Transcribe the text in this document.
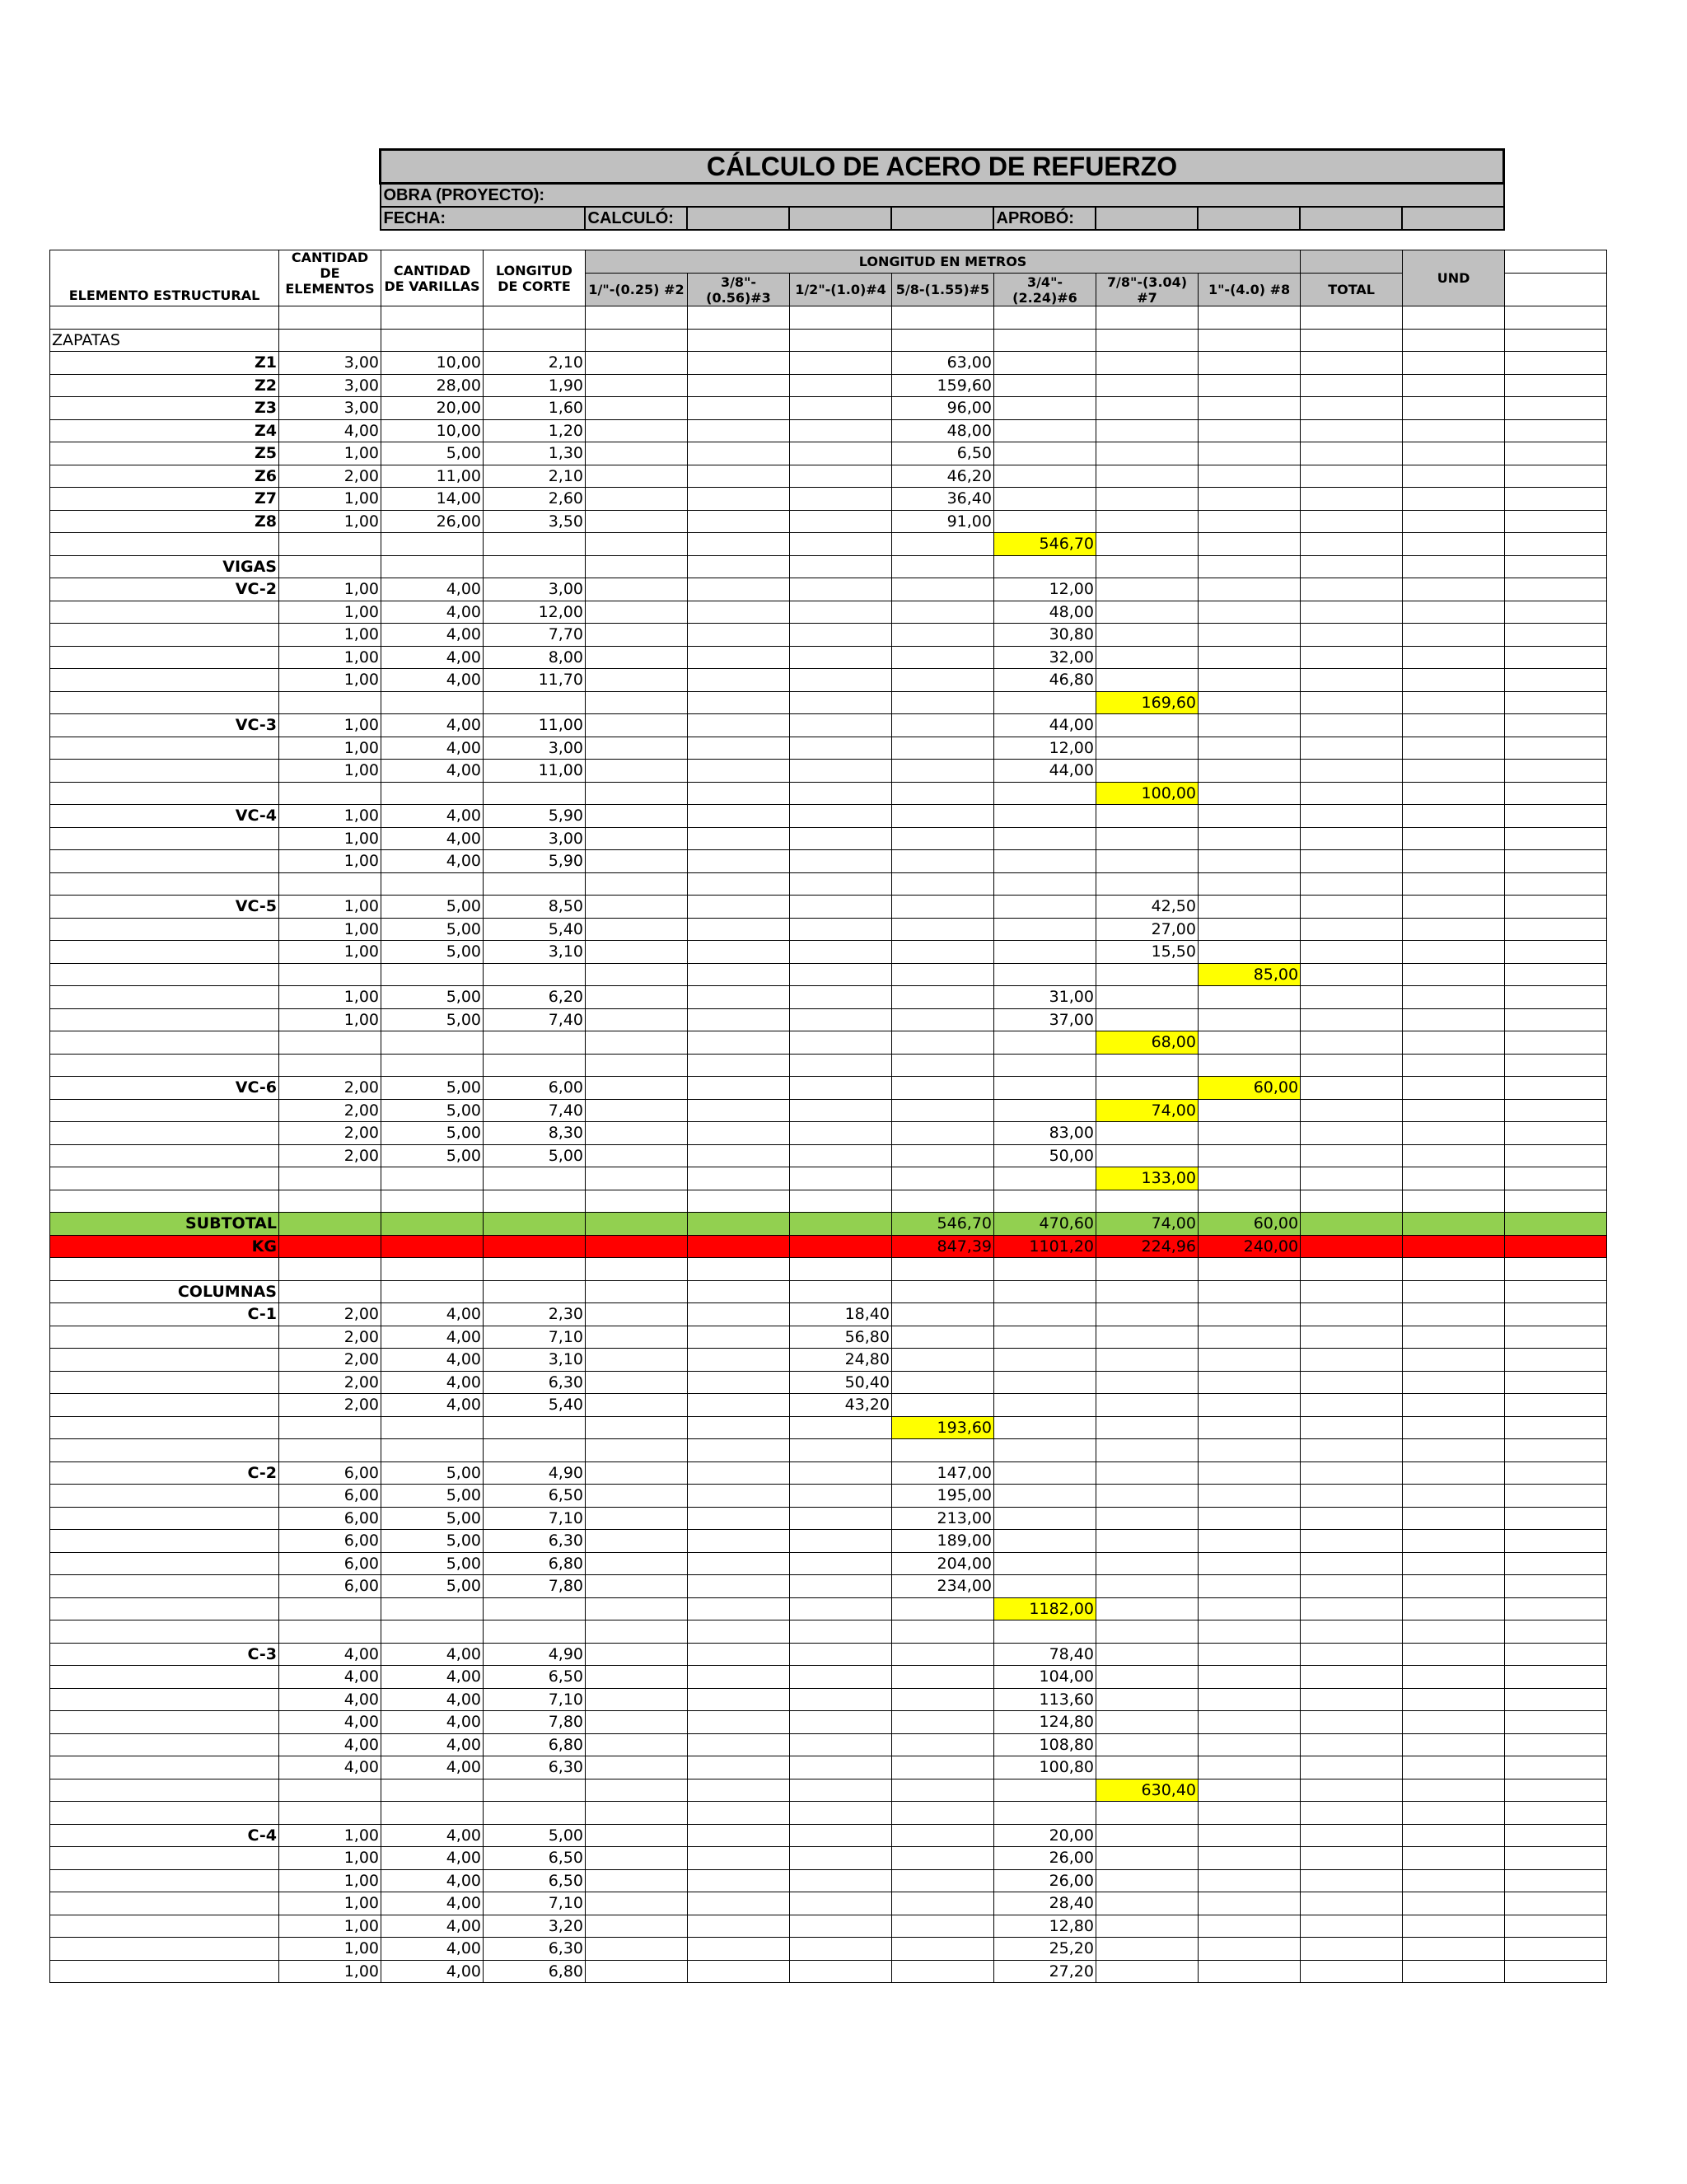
CÁLCULO DE ACERO DE REFUERZO
OBRA (PROYECTO):
FECHA:	CALCULÓ:				APROBÓ:				
ELEMENTO ESTRUCTURAL	CANTIDAD DE ELEMENTOS	CANTIDAD DE VARILLAS	LONGITUD DE CORTE	LONGITUD EN METROS								UND	
				1/"-(0.25) #2	3/8"-(0.56)#3	1/2"-(1.0)#4	5/8-(1.55)#5	3/4"-(2.24)#6	7/8"-(3.04) #7	1"-(4.0) #8	TOTAL		

ZAPATAS													
Z1	3,00	10,00	2,10				63,00						
Z2	3,00	28,00	1,90				159,60						
Z3	3,00	20,00	1,60				96,00						
Z4	4,00	10,00	1,20				48,00						
Z5	1,00	5,00	1,30				6,50						
Z6	2,00	11,00	2,10				46,20						
Z7	1,00	14,00	2,60				36,40						
Z8	1,00	26,00	3,50				91,00						
								546,70					
VIGAS													
VC-2	1,00	4,00	3,00					12,00					
	1,00	4,00	12,00					48,00					
	1,00	4,00	7,70					30,80					
	1,00	4,00	8,00					32,00					
	1,00	4,00	11,70					46,80					
									169,60				
VC-3	1,00	4,00	11,00					44,00					
	1,00	4,00	3,00					12,00					
	1,00	4,00	11,00					44,00					
									100,00				
VC-4	1,00	4,00	5,90										
	1,00	4,00	3,00										
	1,00	4,00	5,90										

VC-5	1,00	5,00	8,50						42,50				
	1,00	5,00	5,40						27,00				
	1,00	5,00	3,10						15,50				
										85,00			
	1,00	5,00	6,20					31,00					
	1,00	5,00	7,40					37,00					
									68,00				

VC-6	2,00	5,00	6,00							60,00			
	2,00	5,00	7,40						74,00				
	2,00	5,00	8,30					83,00					
	2,00	5,00	5,00					50,00					
									133,00				

SUBTOTAL							546,70	470,60	74,00	60,00			
KG							847,39	1101,20	224,96	240,00			

COLUMNAS													
C-1	2,00	4,00	2,30			18,40							
	2,00	4,00	7,10			56,80							
	2,00	4,00	3,10			24,80							
	2,00	4,00	6,30			50,40							
	2,00	4,00	5,40			43,20							
							193,60						

C-2	6,00	5,00	4,90				147,00						
	6,00	5,00	6,50				195,00						
	6,00	5,00	7,10				213,00						
	6,00	5,00	6,30				189,00						
	6,00	5,00	6,80				204,00						
	6,00	5,00	7,80				234,00						
								1182,00					

C-3	4,00	4,00	4,90					78,40					
	4,00	4,00	6,50					104,00					
	4,00	4,00	7,10					113,60					
	4,00	4,00	7,80					124,80					
	4,00	4,00	6,80					108,80					
	4,00	4,00	6,30					100,80					
									630,40				

C-4	1,00	4,00	5,00					20,00					
	1,00	4,00	6,50					26,00					
	1,00	4,00	6,50					26,00					
	1,00	4,00	7,10					28,40					
	1,00	4,00	3,20					12,80					
	1,00	4,00	6,30					25,20					
	1,00	4,00	6,80					27,20					
